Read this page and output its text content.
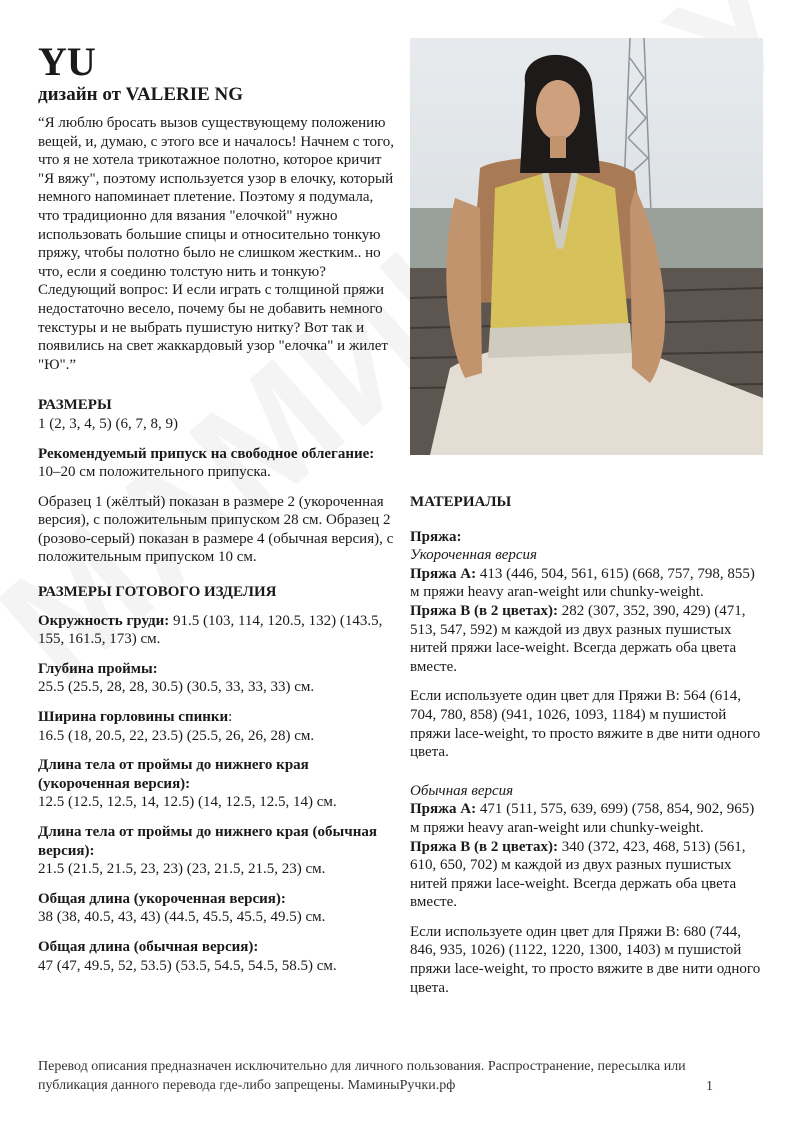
YU
дизайн от VALERIE NG

“Я люблю бросать вызов существующему положению вещей, и, думаю, с этого все и началось! Начнем с того, что я не хотела трикотажное полотно, которое кричит "Я вяжу", поэтому используется узор в елочку, который немного напоминает плетение. Поэтому я подумала, что традиционно для вязания "елочкой" нужно использовать большие спицы и относительно тонкую пряжу, чтобы полотно было не слишком жестким.. но что, если я соединю толстую нить и тонкую? Следующий вопрос: И если играть с толщиной пряжи недостаточно весело, почему бы не добавить немного текстуры и не выбрать пушистую нитку? Вот так и появились на свет жаккардовый узор "елочка" и жилет "Ю".”

РАЗМЕРЫ

1 (2, 3, 4, 5) (6, 7, 8, 9)

Рекомендуемый припуск на свободное облегание: 10–20 см положительного припуска.

Образец 1 (жёлтый) показан в размере 2 (укороченная версия), с положительным припуском 28 см. Образец 2 (розово-серый) показан в размере 4 (обычная версия), с положительным припуском 10 см.

РАЗМЕРЫ ГОТОВОГО ИЗДЕЛИЯ

Окружность груди: 91.5 (103, 114, 120.5, 132) (143.5, 155, 161.5, 173) см.

Глубина проймы:
25.5 (25.5, 28, 28, 30.5) (30.5, 33, 33, 33) см.

Ширина горловины спинки:
16.5 (18, 20.5, 22, 23.5) (25.5, 26, 26, 28) см.

Длина тела от проймы до нижнего края (укороченная версия):
12.5 (12.5, 12.5, 14, 12.5) (14, 12.5, 12.5, 14) см.

Длина тела от проймы до нижнего края (обычная версия):
21.5 (21.5, 21.5, 23, 23) (23, 21.5, 21.5, 23) см.

Общая длина (укороченная версия):
38 (38, 40.5, 43, 43) (44.5, 45.5, 45.5, 49.5) см.

Общая длина (обычная версия):
47 (47, 49.5, 52, 53.5) (53.5, 54.5, 54.5, 58.5) см.

МАТЕРИАЛЫ

Пряжа:

Укороченная версия

Пряжа A: 413 (446, 504, 561, 615) (668, 757, 798, 855) м пряжи heavy aran-weight или chunky-weight.

Пряжа B (в 2 цветах): 282 (307, 352, 390, 429) (471, 513, 547, 592) м каждой из двух разных пушистых нитей пряжи lace-weight. Всегда держать оба цвета вместе.

Если используете один цвет для Пряжи B: 564 (614, 704, 780, 858) (941, 1026, 1093, 1184) м пушистой пряжи lace-weight, то просто вяжите в две нити одного цвета.

Обычная версия

Пряжа A: 471 (511, 575, 639, 699) (758, 854, 902, 965) м пряжи heavy aran-weight или chunky-weight.

Пряжа B (в 2 цветах): 340 (372, 423, 468, 513) (561, 610, 650, 702) м каждой из двух разных пушистых нитей пряжи lace-weight. Всегда держать оба цвета вместе.

Если используете один цвет для Пряжи B: 680 (744, 846, 935, 1026) (1122, 1220, 1300, 1403) м пушистой пряжи lace-weight, то просто вяжите в две нити одного цвета.

Перевод описания предназначен исключительно для личного пользования. Распространение, пересылка или публикация данного перевода где-либо запрещены. МаминыРучки.рф	1
